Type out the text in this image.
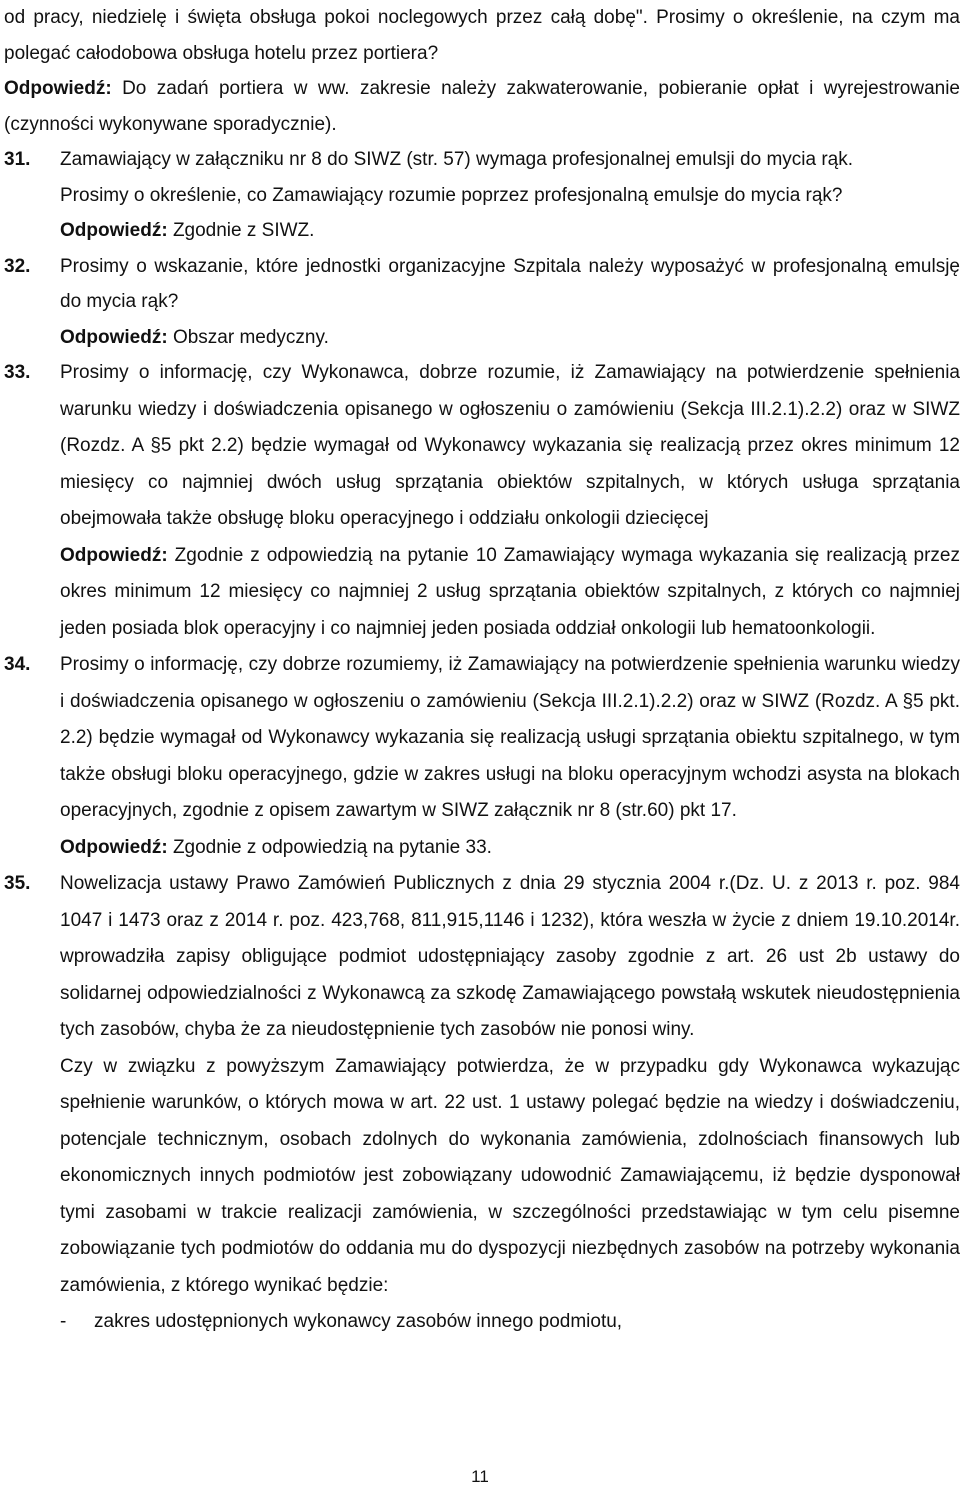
od pracy, niedzielę i święta obsługa pokoi noclegowych przez całą dobę". Prosimy o określenie, na czym ma polegać całodobowa obsługa hotelu przez portiera?

Odpowiedź: Do zadań portiera w ww. zakresie należy zakwaterowanie, pobieranie opłat i wyrejestrowanie (czynności wykonywane sporadycznie).

31. Zamawiający w załączniku nr 8 do SIWZ (str. 57) wymaga profesjonalnej emulsji do mycia rąk.

Prosimy o określenie, co Zamawiający rozumie poprzez profesjonalną emulsje do mycia rąk?

Odpowiedź: Zgodnie z SIWZ.

32. Prosimy o wskazanie, które jednostki organizacyjne Szpitala należy wyposażyć w profesjonalną emulsję do mycia rąk?

Odpowiedź: Obszar medyczny.

33. Prosimy o informację, czy Wykonawca, dobrze rozumie, iż Zamawiający na potwierdzenie spełnienia warunku wiedzy i doświadczenia opisanego w ogłoszeniu o zamówieniu (Sekcja III.2.1).2.2) oraz w SIWZ (Rozdz. A §5 pkt 2.2) będzie wymagał od Wykonawcy wykazania się realizacją przez okres minimum 12 miesięcy co najmniej dwóch usług sprzątania obiektów szpitalnych, w których usługa sprzątania obejmowała także obsługę bloku operacyjnego i oddziału onkologii dziecięcej

Odpowiedź: Zgodnie z odpowiedzią na pytanie 10 Zamawiający wymaga wykazania się realizacją przez okres minimum 12 miesięcy co najmniej 2 usług sprzątania obiektów szpitalnych, z których co najmniej jeden posiada blok operacyjny i co najmniej jeden posiada oddział onkologii lub hematoonkologii.

34. Prosimy o informację, czy dobrze rozumiemy, iż Zamawiający na potwierdzenie spełnienia warunku wiedzy i doświadczenia opisanego w ogłoszeniu o zamówieniu (Sekcja III.2.1).2.2) oraz w SIWZ (Rozdz. A §5 pkt. 2.2) będzie wymagał od Wykonawcy wykazania się realizacją usługi sprzątania obiektu szpitalnego, w tym także obsługi bloku operacyjnego, gdzie w zakres usługi na bloku operacyjnym wchodzi asysta na blokach operacyjnych, zgodnie z opisem zawartym w SIWZ załącznik nr 8 (str.60) pkt 17.

Odpowiedź: Zgodnie z odpowiedzią na pytanie 33.

35. Nowelizacja ustawy Prawo Zamówień Publicznych z dnia 29 stycznia 2004 r.(Dz. U. z 2013 r. poz. 984 1047 i 1473 oraz z 2014 r. poz. 423,768, 811,915,1146 i 1232), która weszła w życie z dniem 19.10.2014r. wprowadziła zapisy obligujące podmiot udostępniający zasoby zgodnie z art. 26 ust 2b ustawy do solidarnej odpowiedzialności z Wykonawcą za szkodę Zamawiającego powstałą wskutek nieudostępnienia tych zasobów, chyba że za nieudostępnienie tych zasobów nie ponosi winy.

Czy w związku z powyższym Zamawiający potwierdza, że w przypadku gdy Wykonawca wykazując spełnienie warunków, o których mowa w art. 22 ust. 1 ustawy polegać będzie na wiedzy i doświadczeniu, potencjale technicznym, osobach zdolnych do wykonania zamówienia, zdolnościach finansowych lub ekonomicznych innych podmiotów jest zobowiązany udowodnić Zamawiającemu, iż będzie dysponował tymi zasobami w trakcie realizacji zamówienia, w szczególności przedstawiając w tym celu pisemne zobowiązanie tych podmiotów do oddania mu do dyspozycji niezbędnych zasobów na potrzeby wykonania zamówienia, z którego wynikać będzie:

- zakres udostępnionych wykonawcy zasobów innego podmiotu,

11
